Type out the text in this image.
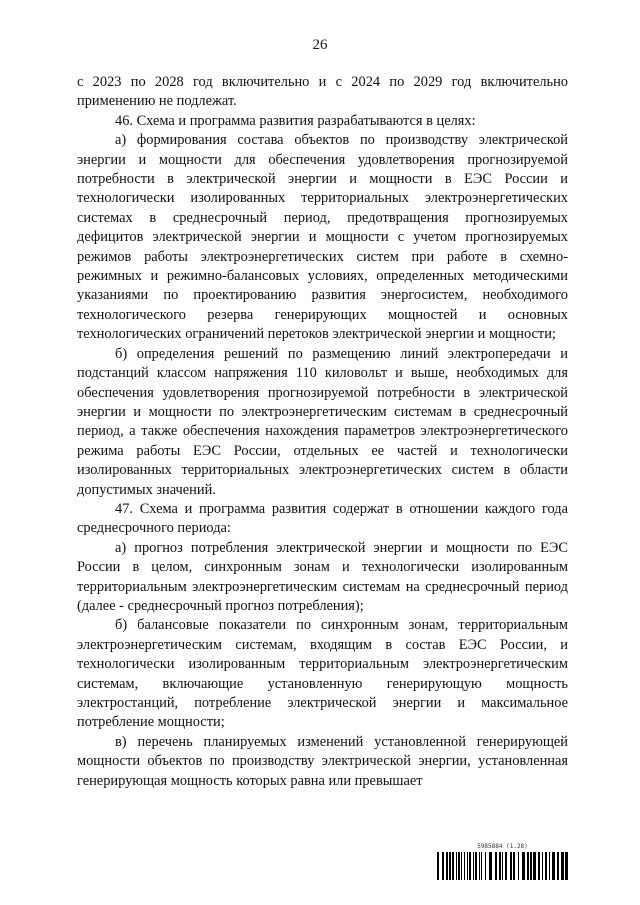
26

с 2023 по 2028 год включительно и с 2024 по 2029 год включительно применению не подлежат.

46. Схема и программа развития разрабатываются в целях:

а) формирования состава объектов по производству электрической энергии и мощности для обеспечения удовлетворения прогнозируемой потребности в электрической энергии и мощности в ЕЭС России и технологически изолированных территориальных электроэнергетических системах в среднесрочный период, предотвращения прогнозируемых дефицитов электрической энергии и мощности с учетом прогнозируемых режимов работы электроэнергетических систем при работе в схемно-режимных и режимно-балансовых условиях, определенных методическими указаниями по проектированию развития энергосистем, необходимого технологического резерва генерирующих мощностей и основных технологических ограничений перетоков электрической энергии и мощности;

б) определения решений по размещению линий электропередачи и подстанций классом напряжения 110 киловольт и выше, необходимых для обеспечения удовлетворения прогнозируемой потребности в электрической энергии и мощности по электроэнергетическим системам в среднесрочный период, а также обеспечения нахождения параметров электроэнергетического режима работы ЕЭС России, отдельных ее частей и технологически изолированных территориальных электроэнергетических систем в области допустимых значений.

47. Схема и программа развития содержат в отношении каждого года среднесрочного периода:

а) прогноз потребления электрической энергии и мощности по ЕЭС России в целом, синхронным зонам и технологически изолированным территориальным электроэнергетическим системам на среднесрочный период (далее - среднесрочный прогноз потребления);

б) балансовые показатели по синхронным зонам, территориальным электроэнергетическим системам, входящим в состав ЕЭС России, и технологически изолированным территориальным электроэнергетическим системам, включающие установленную генерирующую мощность электростанций, потребление электрической энергии и максимальное потребление мощности;

в) перечень планируемых изменений установленной генерирующей мощности объектов по производству электрической энергии, установленная генерирующая мощность которых равна или превышает

5985884 (1.28)
